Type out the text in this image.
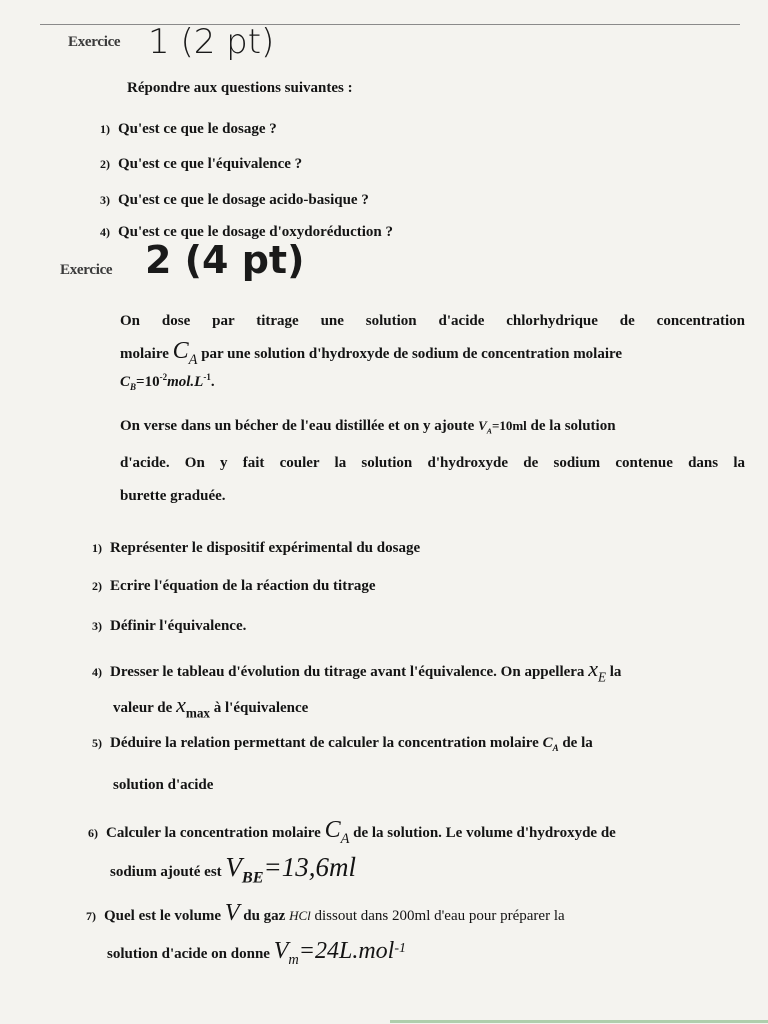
Exercice 1 (2 pt)
Répondre aux questions suivantes :
1) Qu'est ce que le dosage ?
2) Qu'est ce que l'équivalence ?
3) Qu'est ce que le dosage acido-basique ?
4) Qu'est ce que le dosage d'oxydoréduction ?
Exercice 2 (4 pt)
On dose par titrage une solution d'acide chlorhydrique de concentration
molaire $C_A$ par une solution d'hydroxyde de sodium de concentration molaire
$C_B=10^{-2}mol.L^{-1}$.
On verse dans un bécher de l'eau distillée et on y ajoute $V_A=10ml$ de la solution
d'acide. On y fait couler la solution d'hydroxyde de sodium contenue dans la
burette graduée.
1) Représenter le dispositif expérimental du dosage
2) Ecrire l'équation de la réaction du titrage
3) Définir l'équivalence.
4) Dresser le tableau d'évolution du titrage avant l'équivalence. On appellera $x_E$ la
valeur de $x_{max}$ à l'équivalence
5) Déduire la relation permettant de calculer la concentration molaire $C_A$ de la
solution d'acide
6) Calculer la concentration molaire $C_A$ de la solution. Le volume d'hydroxyde de
sodium ajouté est $V_{BE}=13,6ml$
7) Quel est le volume V du gaz HCl dissout dans 200ml d'eau pour préparer la
solution d'acide on donne $V_m=24L.mol^{-1}$
